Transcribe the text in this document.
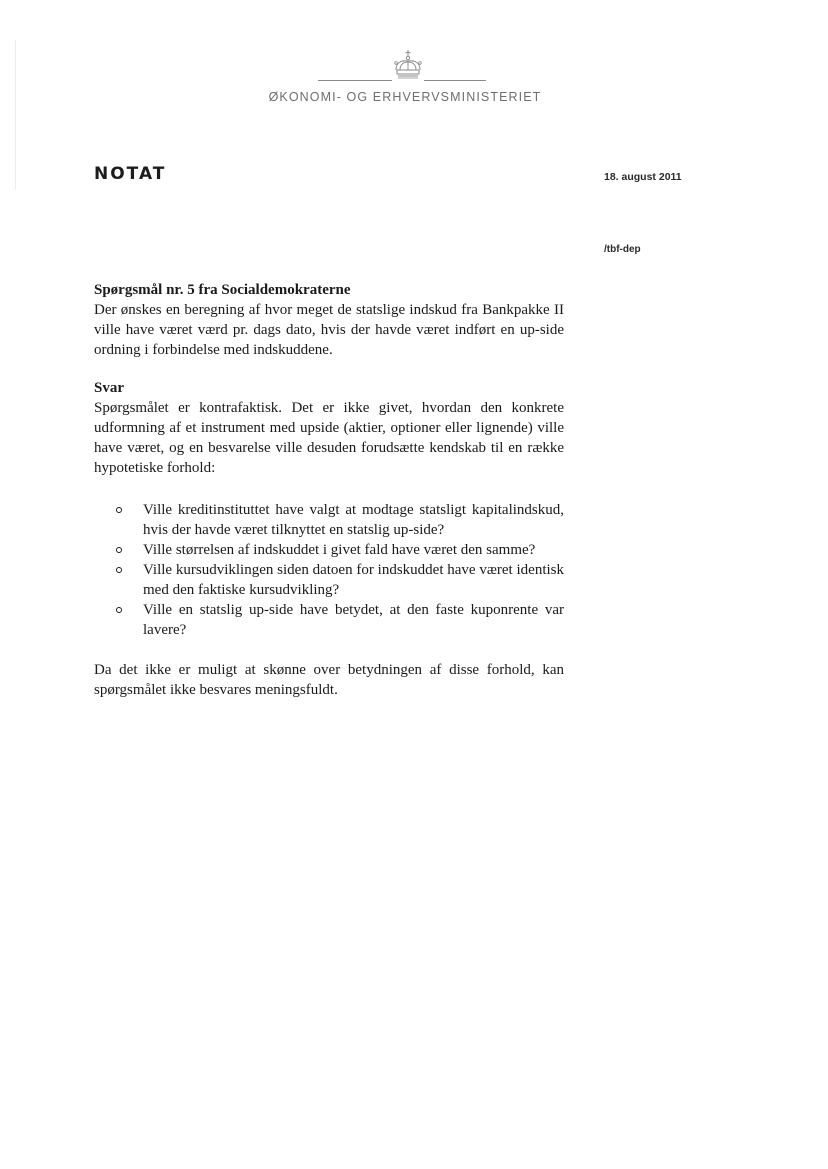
ØKONOMI- OG ERHVERVSMINISTERIET
NOTAT	18. august 2011
/tbf-dep
Spørgsmål nr. 5 fra Socialdemokraterne

Der ønskes en beregning af hvor meget de statslige indskud fra Bankpakke II ville have været værd pr. dags dato, hvis der havde været indført en up-side ordning i forbindelse med indskuddene.

Svar

Spørgsmålet er kontrafaktisk. Det er ikke givet, hvordan den konkrete udformning af et instrument med upside (aktier, optioner eller lignende) ville have været, og en besvarelse ville desuden forudsætte kendskab til en række hypotetiske forhold:

Ville kreditinstituttet have valgt at modtage statsligt kapitalindskud, hvis der havde været tilknyttet en statslig up-side?
Ville størrelsen af indskuddet i givet fald have været den samme?
Ville kursudviklingen siden datoen for indskuddet have været identisk med den faktiske kursudvikling?
Ville en statslig up-side have betydet, at den faste kuponrente var lavere?

Da det ikke er muligt at skønne over betydningen af disse forhold, kan spørgsmålet ikke besvares meningsfuldt.
